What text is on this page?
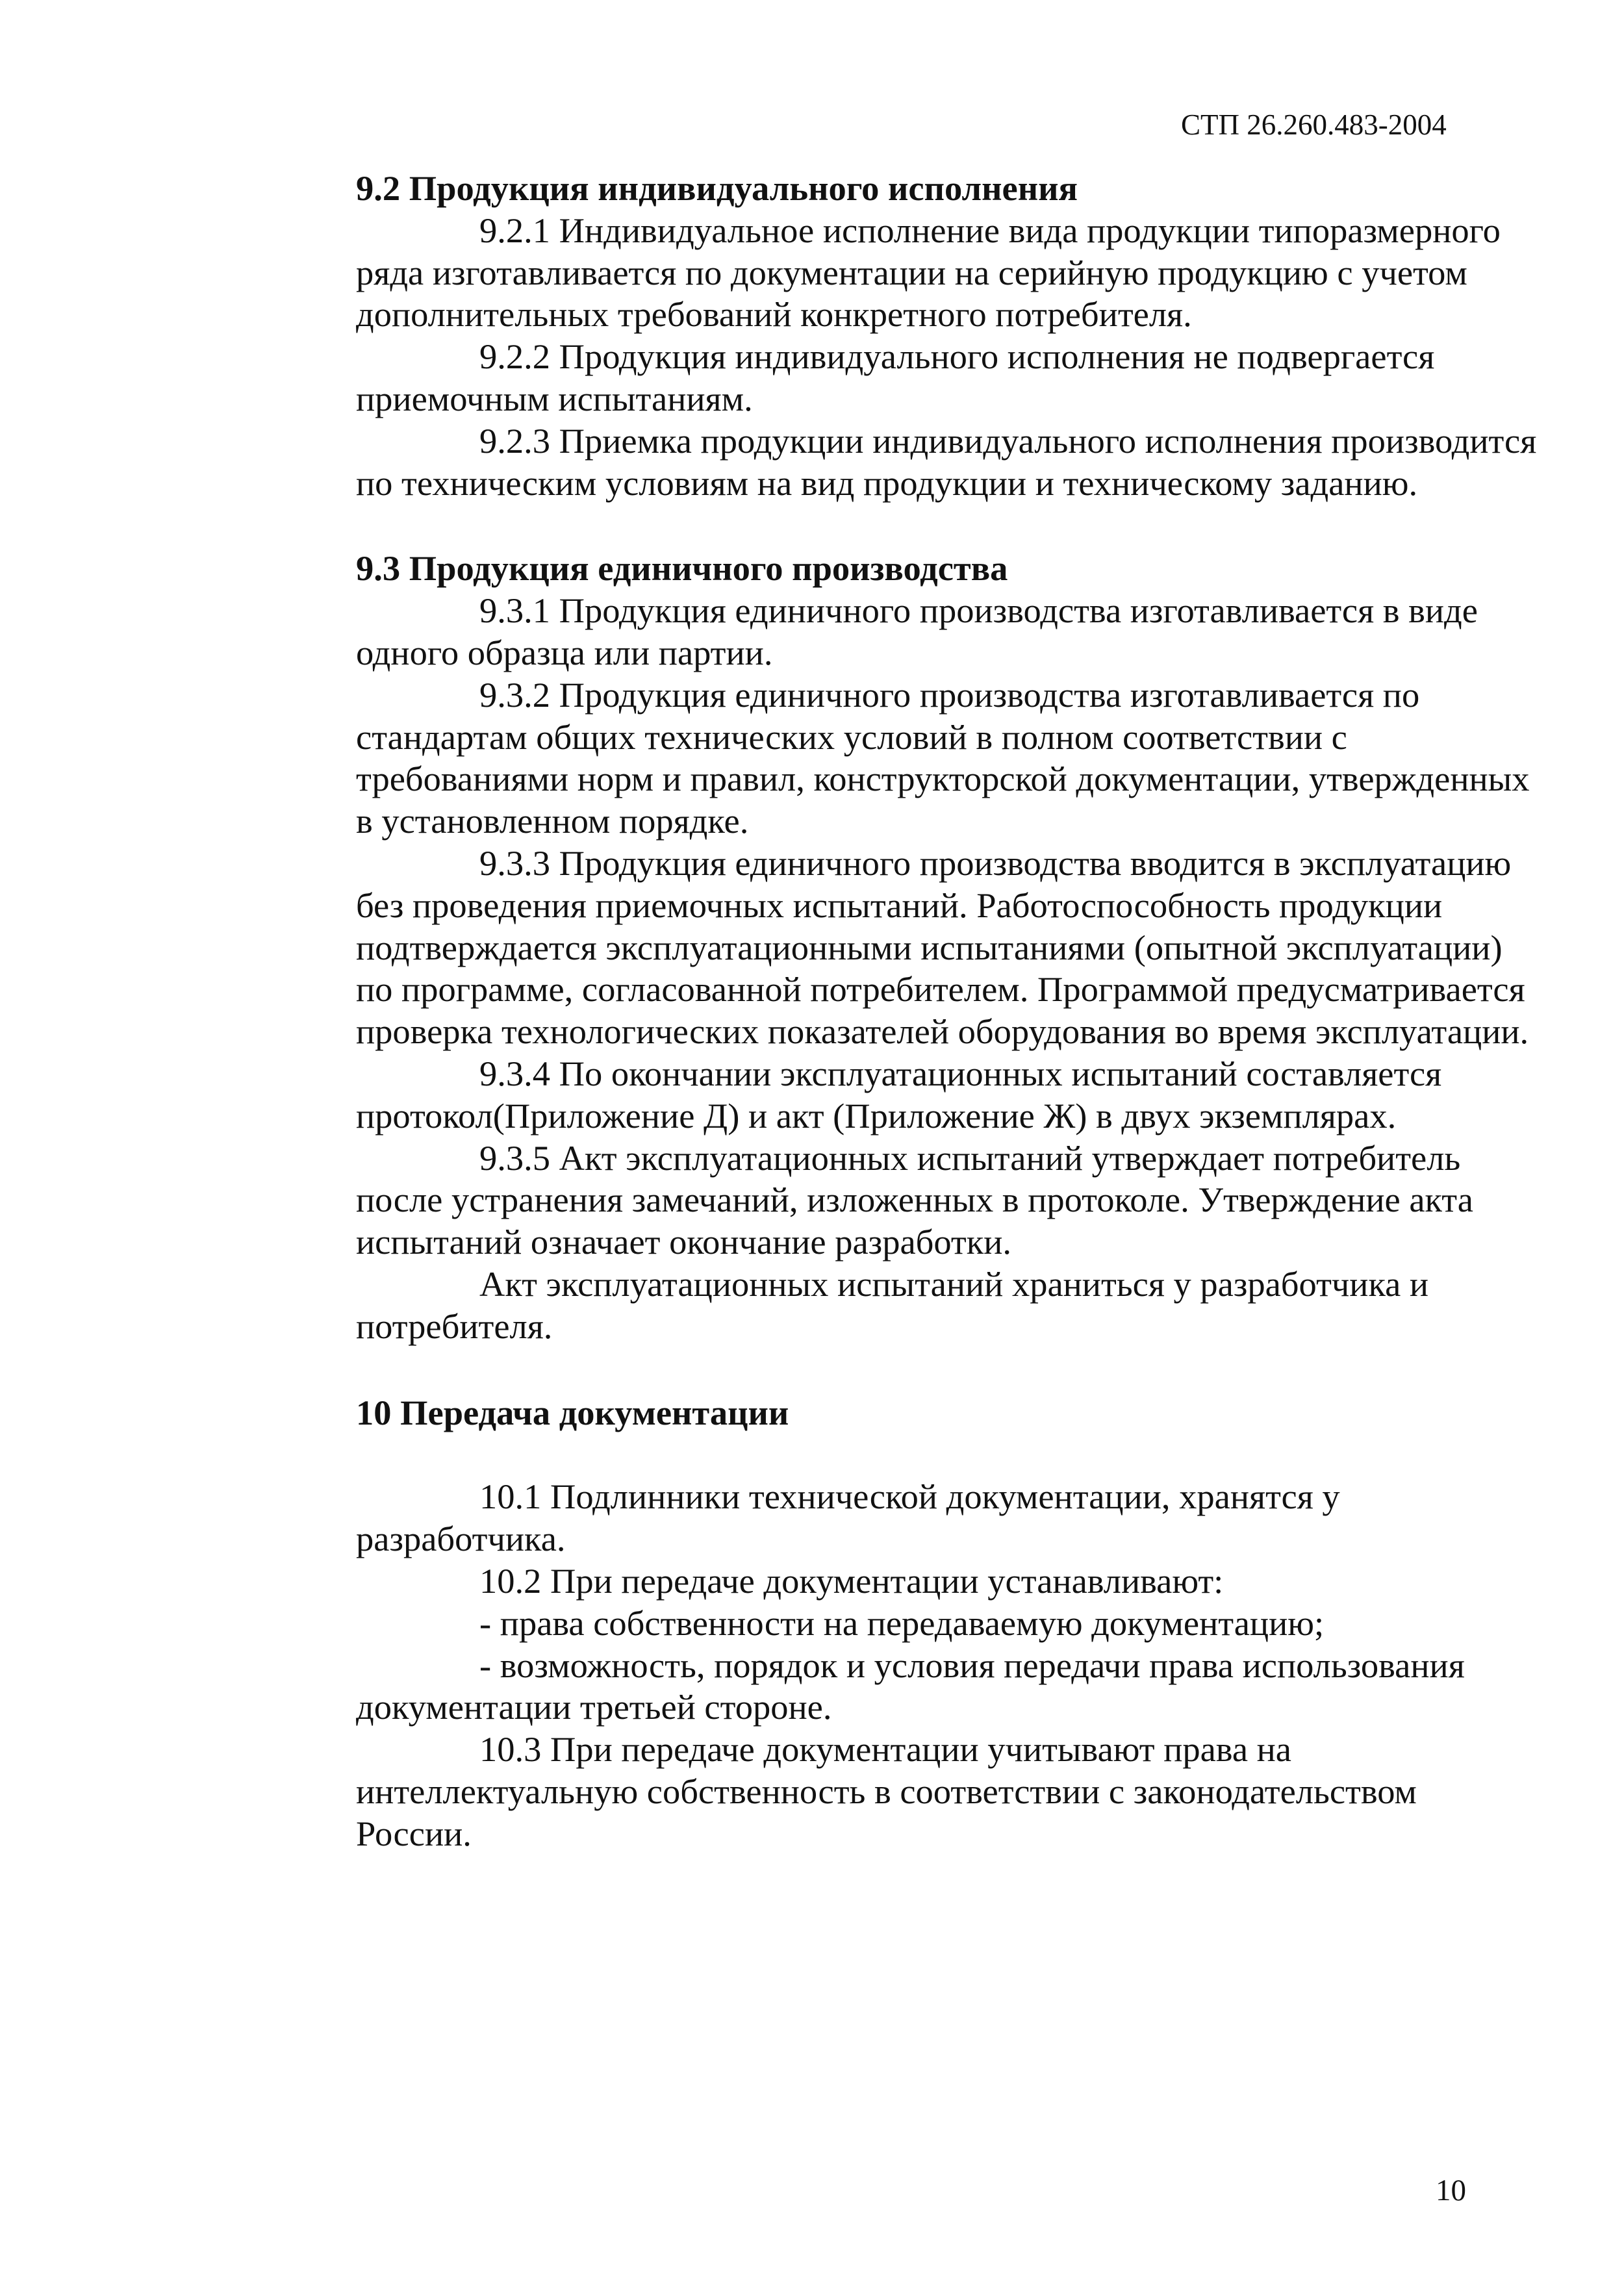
СТП 26.260.483-2004
9.2 Продукция индивидуального исполнения
9.2.1 Индивидуальное исполнение вида продукции типоразмерного
ряда изготавливается по документации на серийную продукцию с учетом
дополнительных требований конкретного потребителя.
9.2.2 Продукция индивидуального исполнения не подвергается
приемочным испытаниям.
9.2.3 Приемка продукции индивидуального исполнения производится
по техническим условиям на вид продукции и техническому заданию.
9.3 Продукция единичного производства
9.3.1 Продукция единичного производства изготавливается в виде
одного образца или партии.
9.3.2 Продукция единичного производства изготавливается по
стандартам общих технических условий в полном соответствии с
требованиями норм и правил, конструкторской документации, утвержденных
в установленном порядке.
9.3.3 Продукция единичного производства вводится в эксплуатацию
без проведения приемочных испытаний. Работоспособность продукции
подтверждается эксплуатационными испытаниями (опытной эксплуатации)
по программе, согласованной потребителем. Программой предусматривается
проверка технологических показателей оборудования во время эксплуатации.
9.3.4 По окончании эксплуатационных испытаний составляется
протокол(Приложение Д) и акт (Приложение Ж) в двух экземплярах.
9.3.5 Акт эксплуатационных испытаний утверждает потребитель
после устранения замечаний, изложенных в протоколе. Утверждение акта
испытаний означает окончание разработки.
Акт эксплуатационных испытаний храниться у разработчика и
потребителя.
10 Передача документации
10.1 Подлинники технической документации, хранятся у
разработчика.
10.2 При передаче документации устанавливают:
- права собственности на передаваемую документацию;
- возможность, порядок и условия передачи права использования
документации третьей стороне.
10.3 При передаче документации учитывают права на
интеллектуальную собственность в соответствии с законодательством
России.
10
